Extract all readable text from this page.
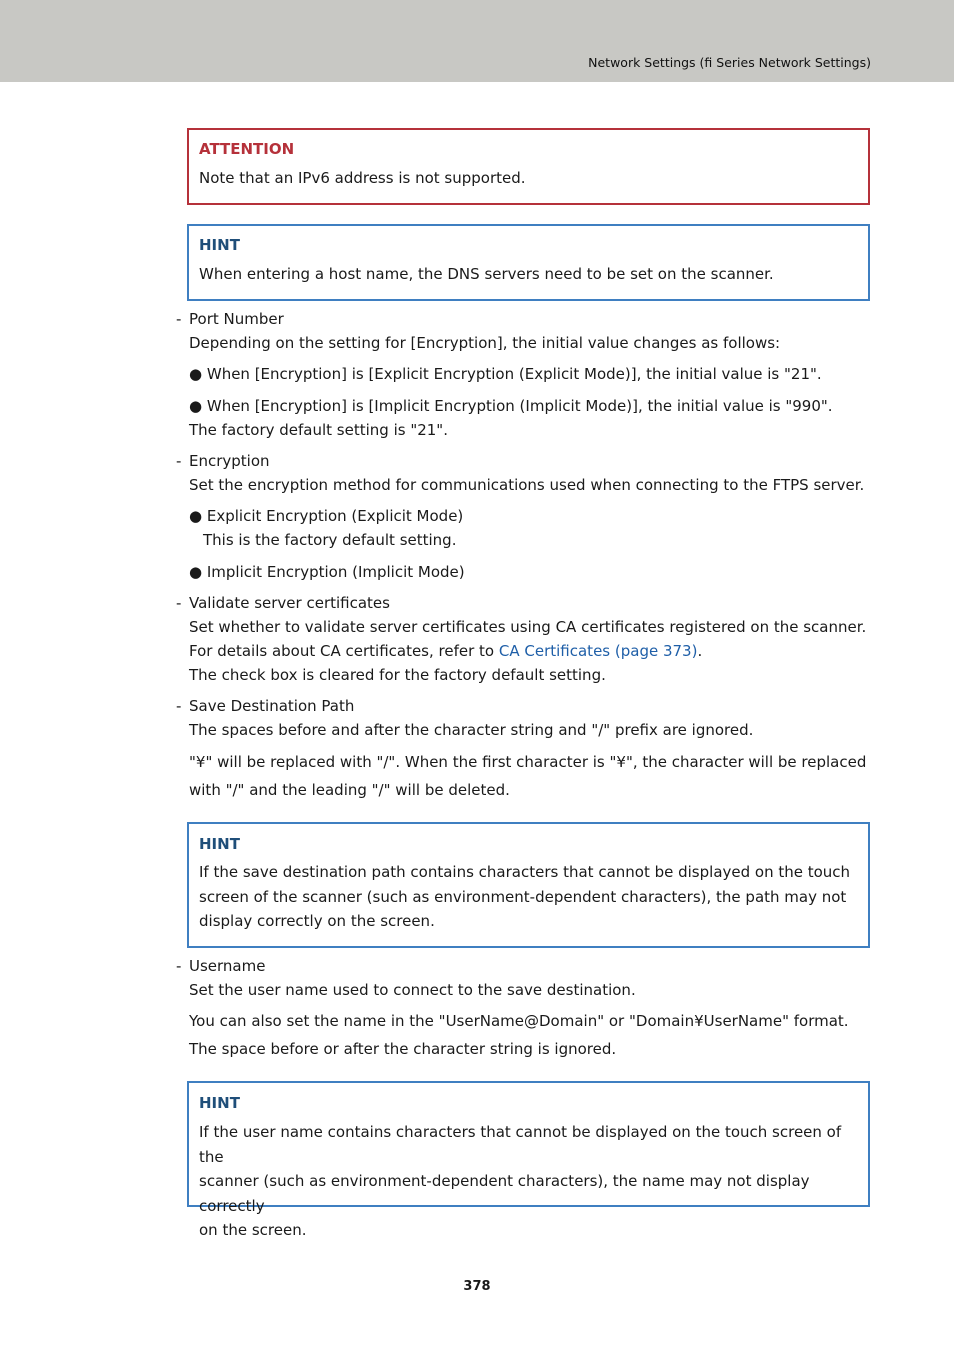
Network Settings (fi Series Network Settings)
ATTENTION
Note that an IPv6 address is not supported.
HINT
When entering a host name, the DNS servers need to be set on the scanner.
- Port Number
Depending on the setting for [Encryption], the initial value changes as follows:
● When [Encryption] is [Explicit Encryption (Explicit Mode)], the initial value is "21".
● When [Encryption] is [Implicit Encryption (Implicit Mode)], the initial value is "990".
The factory default setting is "21".
- Encryption
Set the encryption method for communications used when connecting to the FTPS server.
● Explicit Encryption (Explicit Mode)
This is the factory default setting.
● Implicit Encryption (Implicit Mode)
- Validate server certificates
Set whether to validate server certificates using CA certificates registered on the scanner.
For details about CA certificates, refer to CA Certificates (page 373).
The check box is cleared for the factory default setting.
- Save Destination Path
The spaces before and after the character string and "/" prefix are ignored.
"¥" will be replaced with "/". When the first character is "¥", the character will be replaced
with "/" and the leading "/" will be deleted.
HINT
If the save destination path contains characters that cannot be displayed on the touch
screen of the scanner (such as environment-dependent characters), the path may not
display correctly on the screen.
- Username
Set the user name used to connect to the save destination.
You can also set the name in the "UserName@Domain" or "Domain¥UserName" format.
The space before or after the character string is ignored.
HINT
If the user name contains characters that cannot be displayed on the touch screen of the
scanner (such as environment-dependent characters), the name may not display correctly
on the screen.
378
